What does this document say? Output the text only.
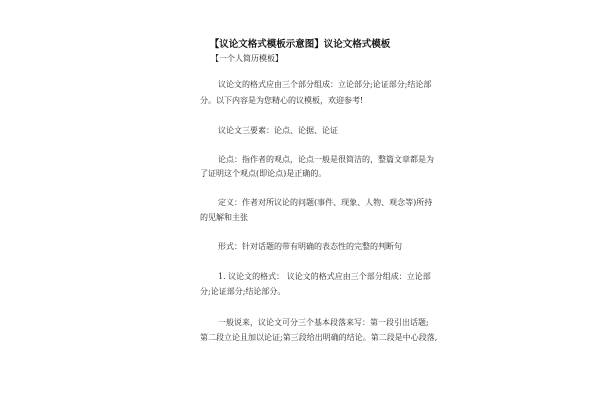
【议论文格式模板示意图】议论文格式模板
【一个人简历模板】
议论文的格式应由三个部分组成：立论部分;论证部分;结论部
分。以下内容是为您精心的议模板，欢迎参考!
议论文三要素：论点、论据、论证
论点：指作者的观点，论点一般是很简洁的，整篇文章都是为
了证明这个观点(即论点)是正确的。
定义：作者对所议论的问题(事件、现象、人物、观念等)所持
的见解和主张
形式：针对话题的带有明确的表态性的完整的判断句
1. 议论文的格式： 议论文的格式应由三个部分组成：立论部
分;论证部分;结论部分。
一般说来，议论文可分三个基本段落来写：第一段引出话题;
第二段立论且加以论证;第三段给出明确的结论。第二段是中心段落,
